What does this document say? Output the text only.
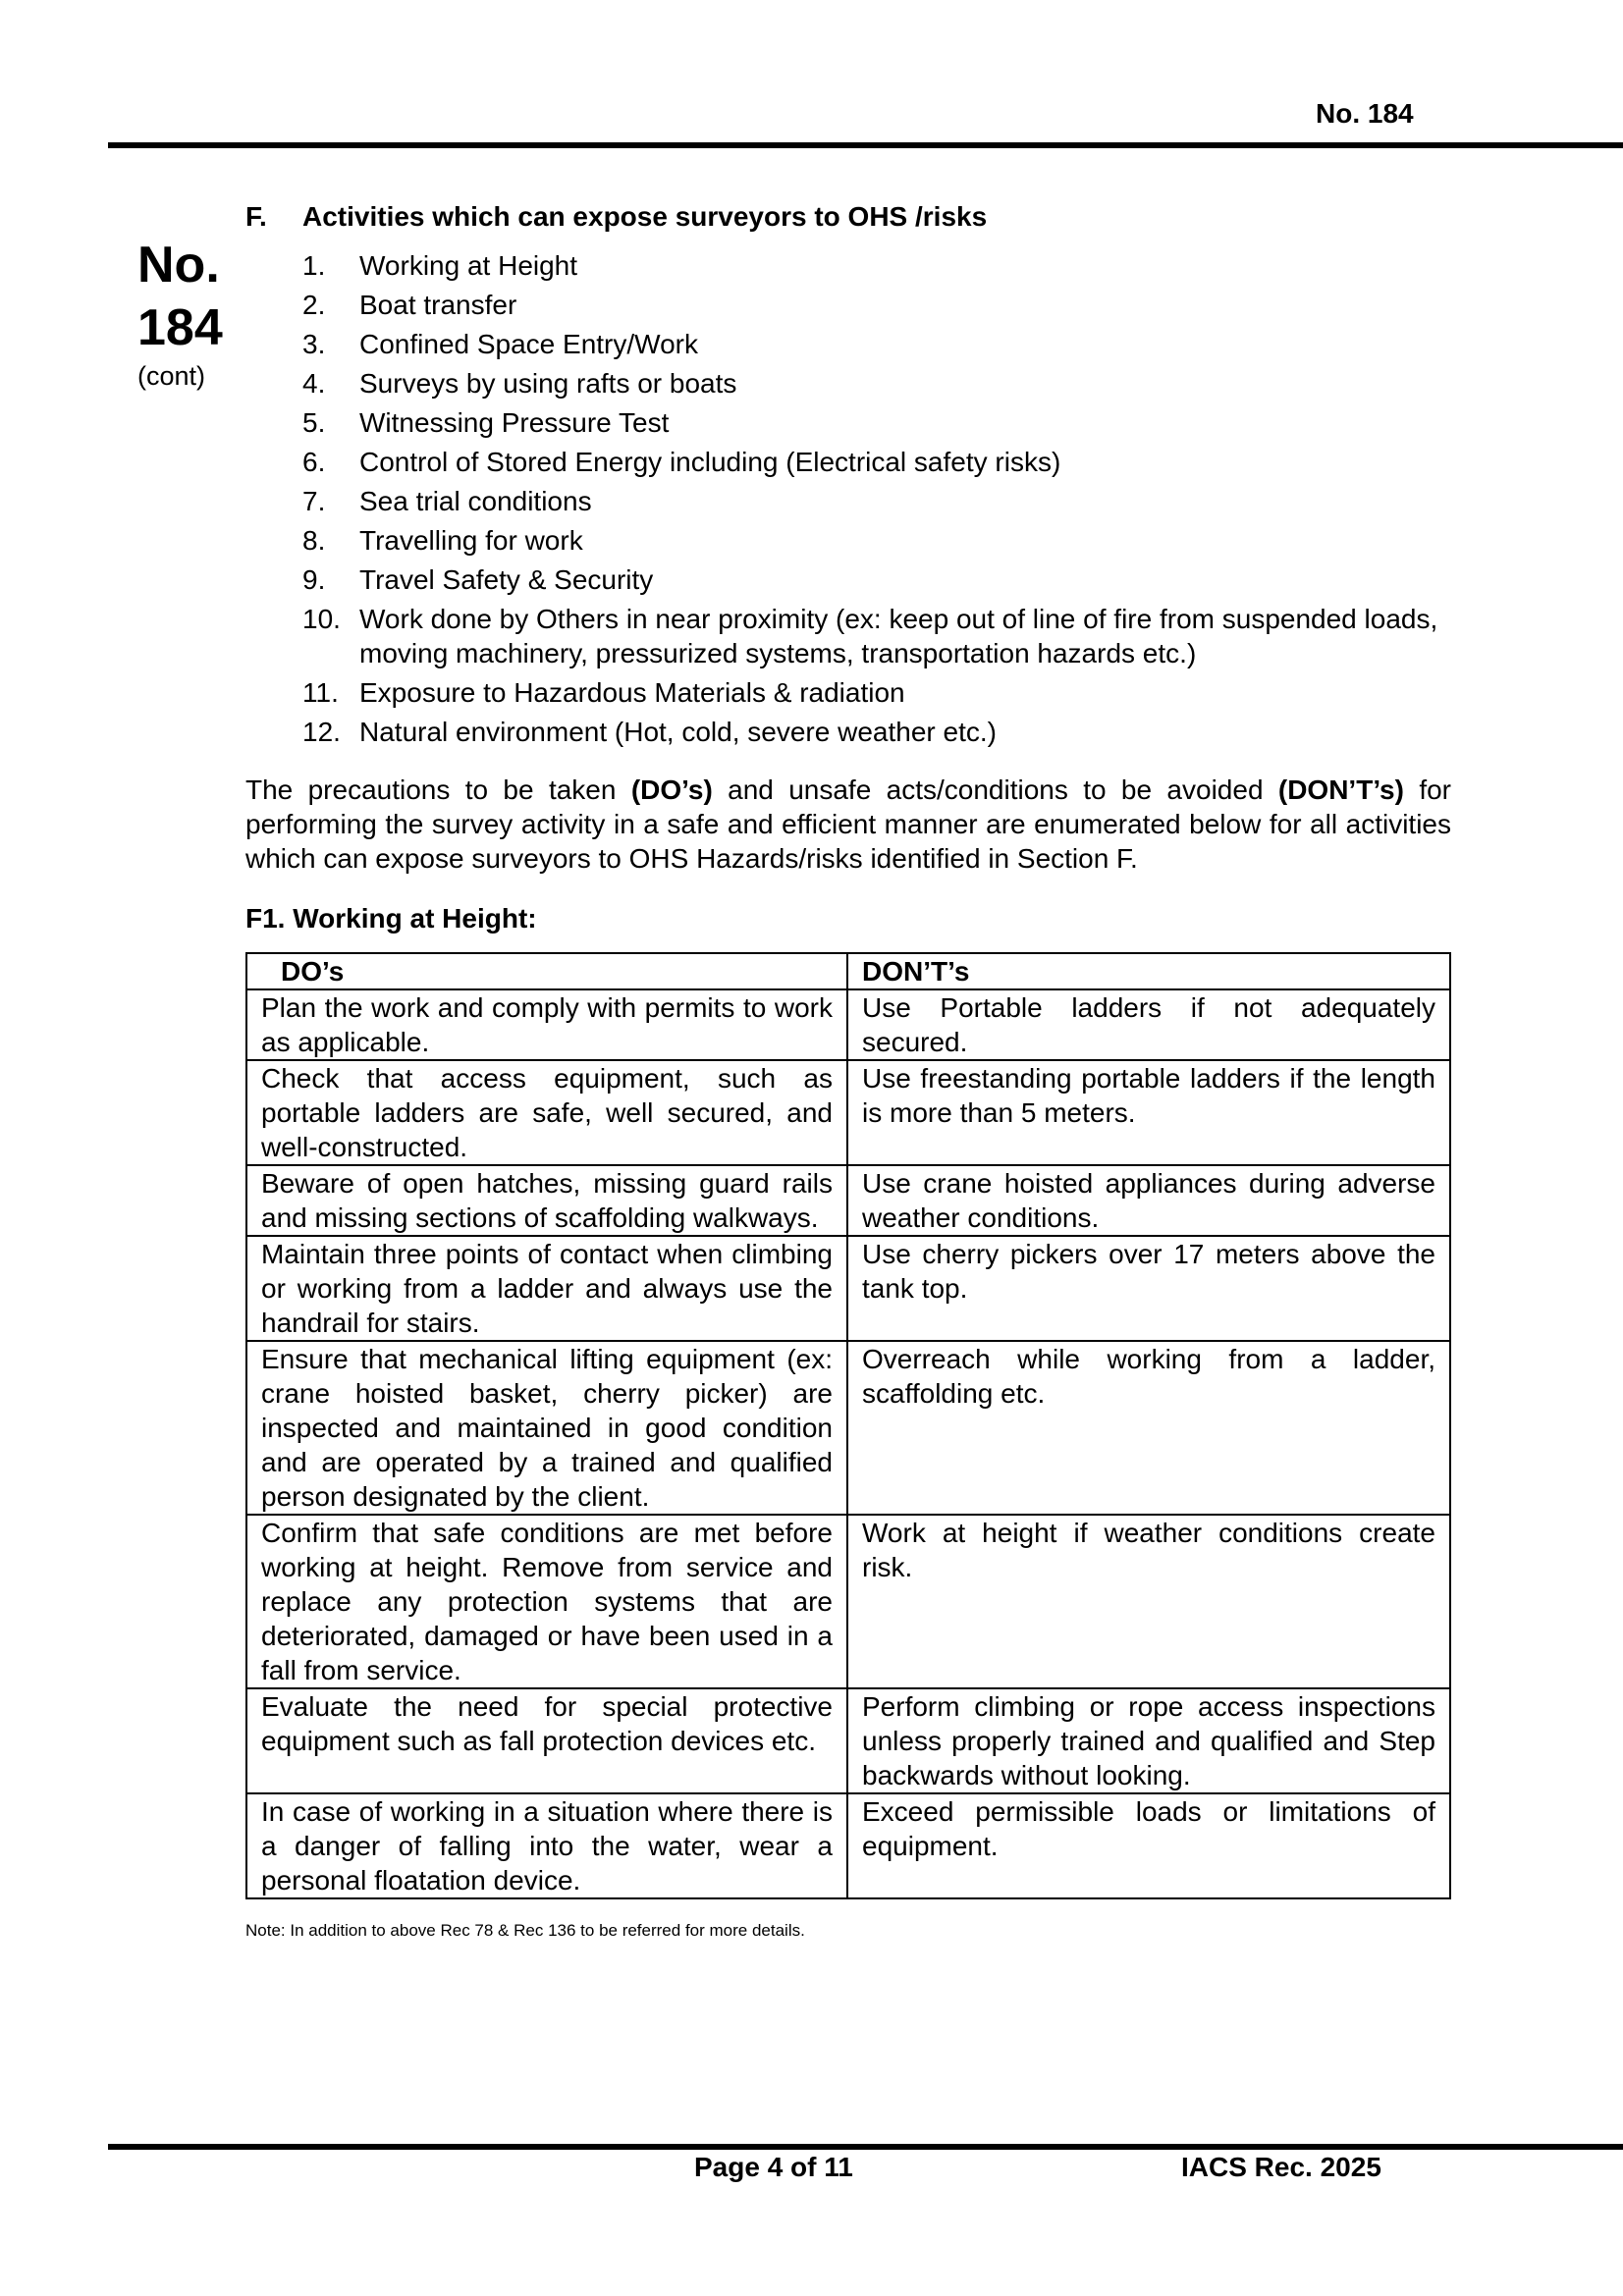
No. 184
No.
184
(cont)
F.	Activities which can expose surveyors to OHS /risks
1.	Working at Height
2.	Boat transfer
3.	Confined Space Entry/Work
4.	Surveys by using rafts or boats
5.	Witnessing Pressure Test
6.	Control of Stored Energy including (Electrical safety risks)
7.	Sea trial conditions
8.	Travelling for work
9.	Travel Safety & Security
10. Work done by Others in near proximity (ex: keep out of line of fire from suspended loads, moving machinery, pressurized systems, transportation hazards etc.)
11. Exposure to Hazardous Materials & radiation
12. Natural environment (Hot, cold, severe weather etc.)
The precautions to be taken (DO’s) and unsafe acts/conditions to be avoided (DON’T’s) for performing the survey activity in a safe and efficient manner are enumerated below for all activities which can expose surveyors to OHS Hazards/risks identified in Section F.
F1. Working at Height:
DO’s	DON’T’s
Plan the work and comply with permits to work as applicable.	Use Portable ladders if not adequately secured.
Check that access equipment, such as portable ladders are safe, well secured, and well-constructed.	Use freestanding portable ladders if the length is more than 5 meters.
Beware of open hatches, missing guard rails and missing sections of scaffolding walkways.	Use crane hoisted appliances during adverse weather conditions.
Maintain three points of contact when climbing or working from a ladder and always use the handrail for stairs.	Use cherry pickers over 17 meters above the tank top.
Ensure that mechanical lifting equipment (ex: crane hoisted basket, cherry picker) are inspected and maintained in good condition and are operated by a trained and qualified person designated by the client.	Overreach while working from a ladder, scaffolding etc.
Confirm that safe conditions are met before working at height. Remove from service and replace any protection systems that are deteriorated, damaged or have been used in a fall from service.	Work at height if weather conditions create risk.
Evaluate the need for special protective equipment such as fall protection devices etc.	Perform climbing or rope access inspections unless properly trained and qualified and Step backwards without looking.
In case of working in a situation where there is a danger of falling into the water, wear a personal floatation device.	Exceed permissible loads or limitations of equipment.
Note: In addition to above Rec 78 & Rec 136 to be referred for more details.
Page 4 of 11	IACS Rec. 2025
